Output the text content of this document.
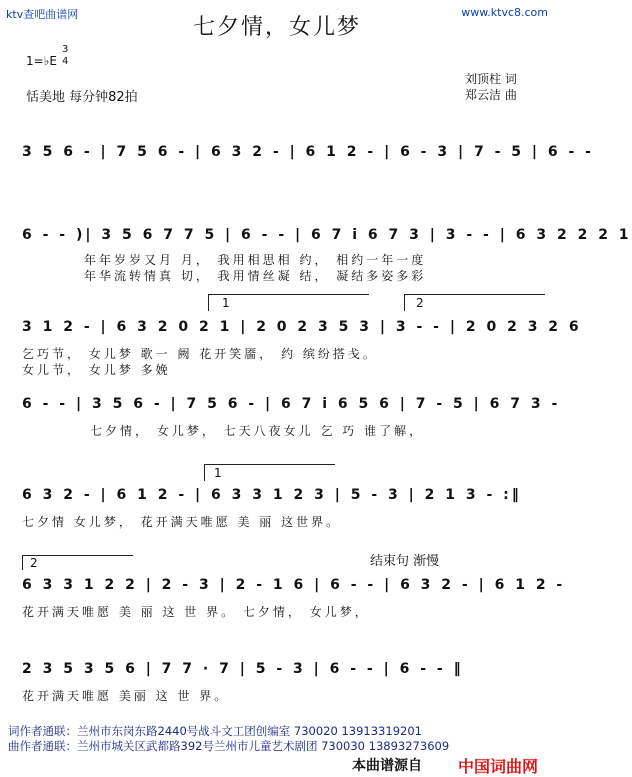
ktv查吧曲谱网	www.ktvc8.com
七夕情，女儿梦
1=♭E
3
4
恬美地 每分钟82拍
刘顶柱 词
郑云洁 曲
3 5 6 - | 7 5 6 - | 6 3 2 - | 6 1 2 - | 6 - 3 | 7 - 5 | 6 - -
6 - - )| 3 5 6 7 7 5 | 6 - - | 6 7 i 6 7 3 | 3 - - | 6 3 2 2 2 1
年年岁岁又月 月， 我用相思相 约， 相约一年一度
年华流转情真 切， 我用情丝凝 结， 凝结多姿多彩
1	2
3 1 2 - | 6 3 2 0 2 1 | 2 0 2 3 5 3 | 3 - - | 2 0 2 3 2 6
乞巧节， 女儿梦 歌一 阙 花开笑靥， 约 缤纷搭戋。
女儿节， 女儿梦 多娩
6 - - | 3 5 6 - | 7 5 6 - | 6 7 i 6 5 6 | 7 - 5 | 6 7 3 -
七夕情， 女儿梦， 七天八夜女儿 乞 巧 谁了解，
1
6 3 2 - | 6 1 2 - | 6 3 3 1 2 3 | 5 - 3 | 2 1 3 - :‖
七夕情 女儿梦， 花开满天唯愿 美 丽 这世界。
2	结束句 渐慢
6 3 3 1 2 2 | 2 - 3 | 2 - 1 6 | 6 - - | 6 3 2 - | 6 1 2 -
花开满天唯愿 美 丽 这 世 界。 七夕情， 女儿梦，
2 3 5 3 5 6 | 7 7 · 7 | 5 - 3 | 6 - - | 6 - - ‖
花开满天唯愿 美丽 这 世 界。
词作者通联：兰州市东岗东路2440号战斗文工团创编室 730020 13913319201
曲作者通联：兰州市城关区武都路392号兰州市儿童艺术剧团 730030 13893273609
本曲谱源自 中国词曲网
